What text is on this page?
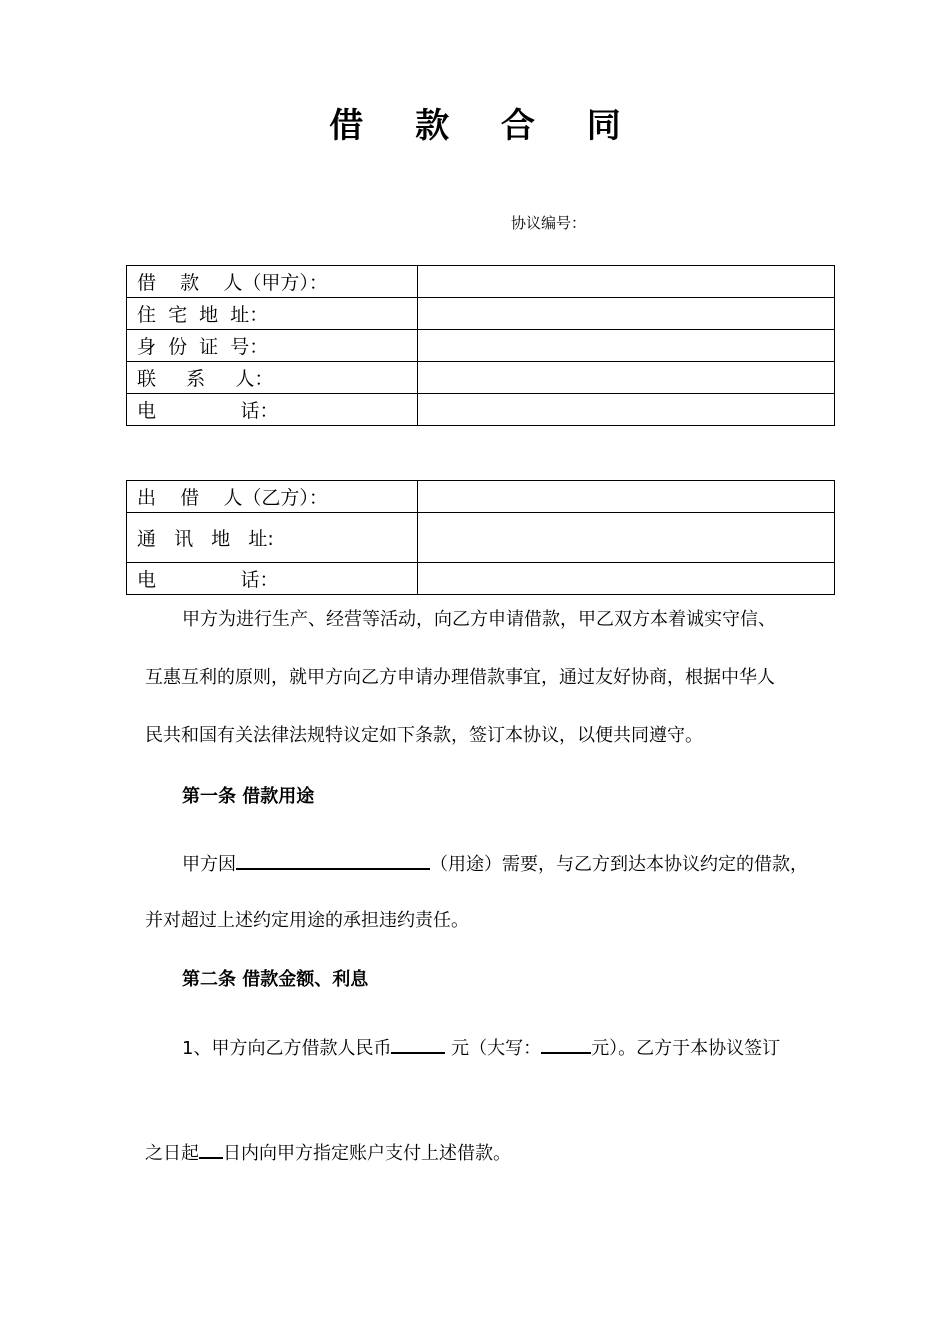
借 款 合 同
协议编号：
借    款    人（甲方）：	
住  宅  地  址：	
身  份  证  号：	
联     系     人：	
电              话：	
出    借    人（乙方）：	
通   讯   地   址:	
电              话：	
甲方为进行生产、经营等活动，向乙方申请借款，甲乙双方本着诚实守信、
互惠互利的原则，就甲方向乙方申请办理借款事宜，通过友好协商，根据中华人
民共和国有关法律法规特议定如下条款，签订本协议，以便共同遵守。
第一条 借款用途
甲方因	（用途）需要，与乙方到达本协议约定的借款，
并对超过上述约定用途的承担违约责任。
第二条 借款金额、利息
1、甲方向乙方借款人民币	元（大写：	元）。乙方于本协议签订
之日起 日内向甲方指定账户支付上述借款。
